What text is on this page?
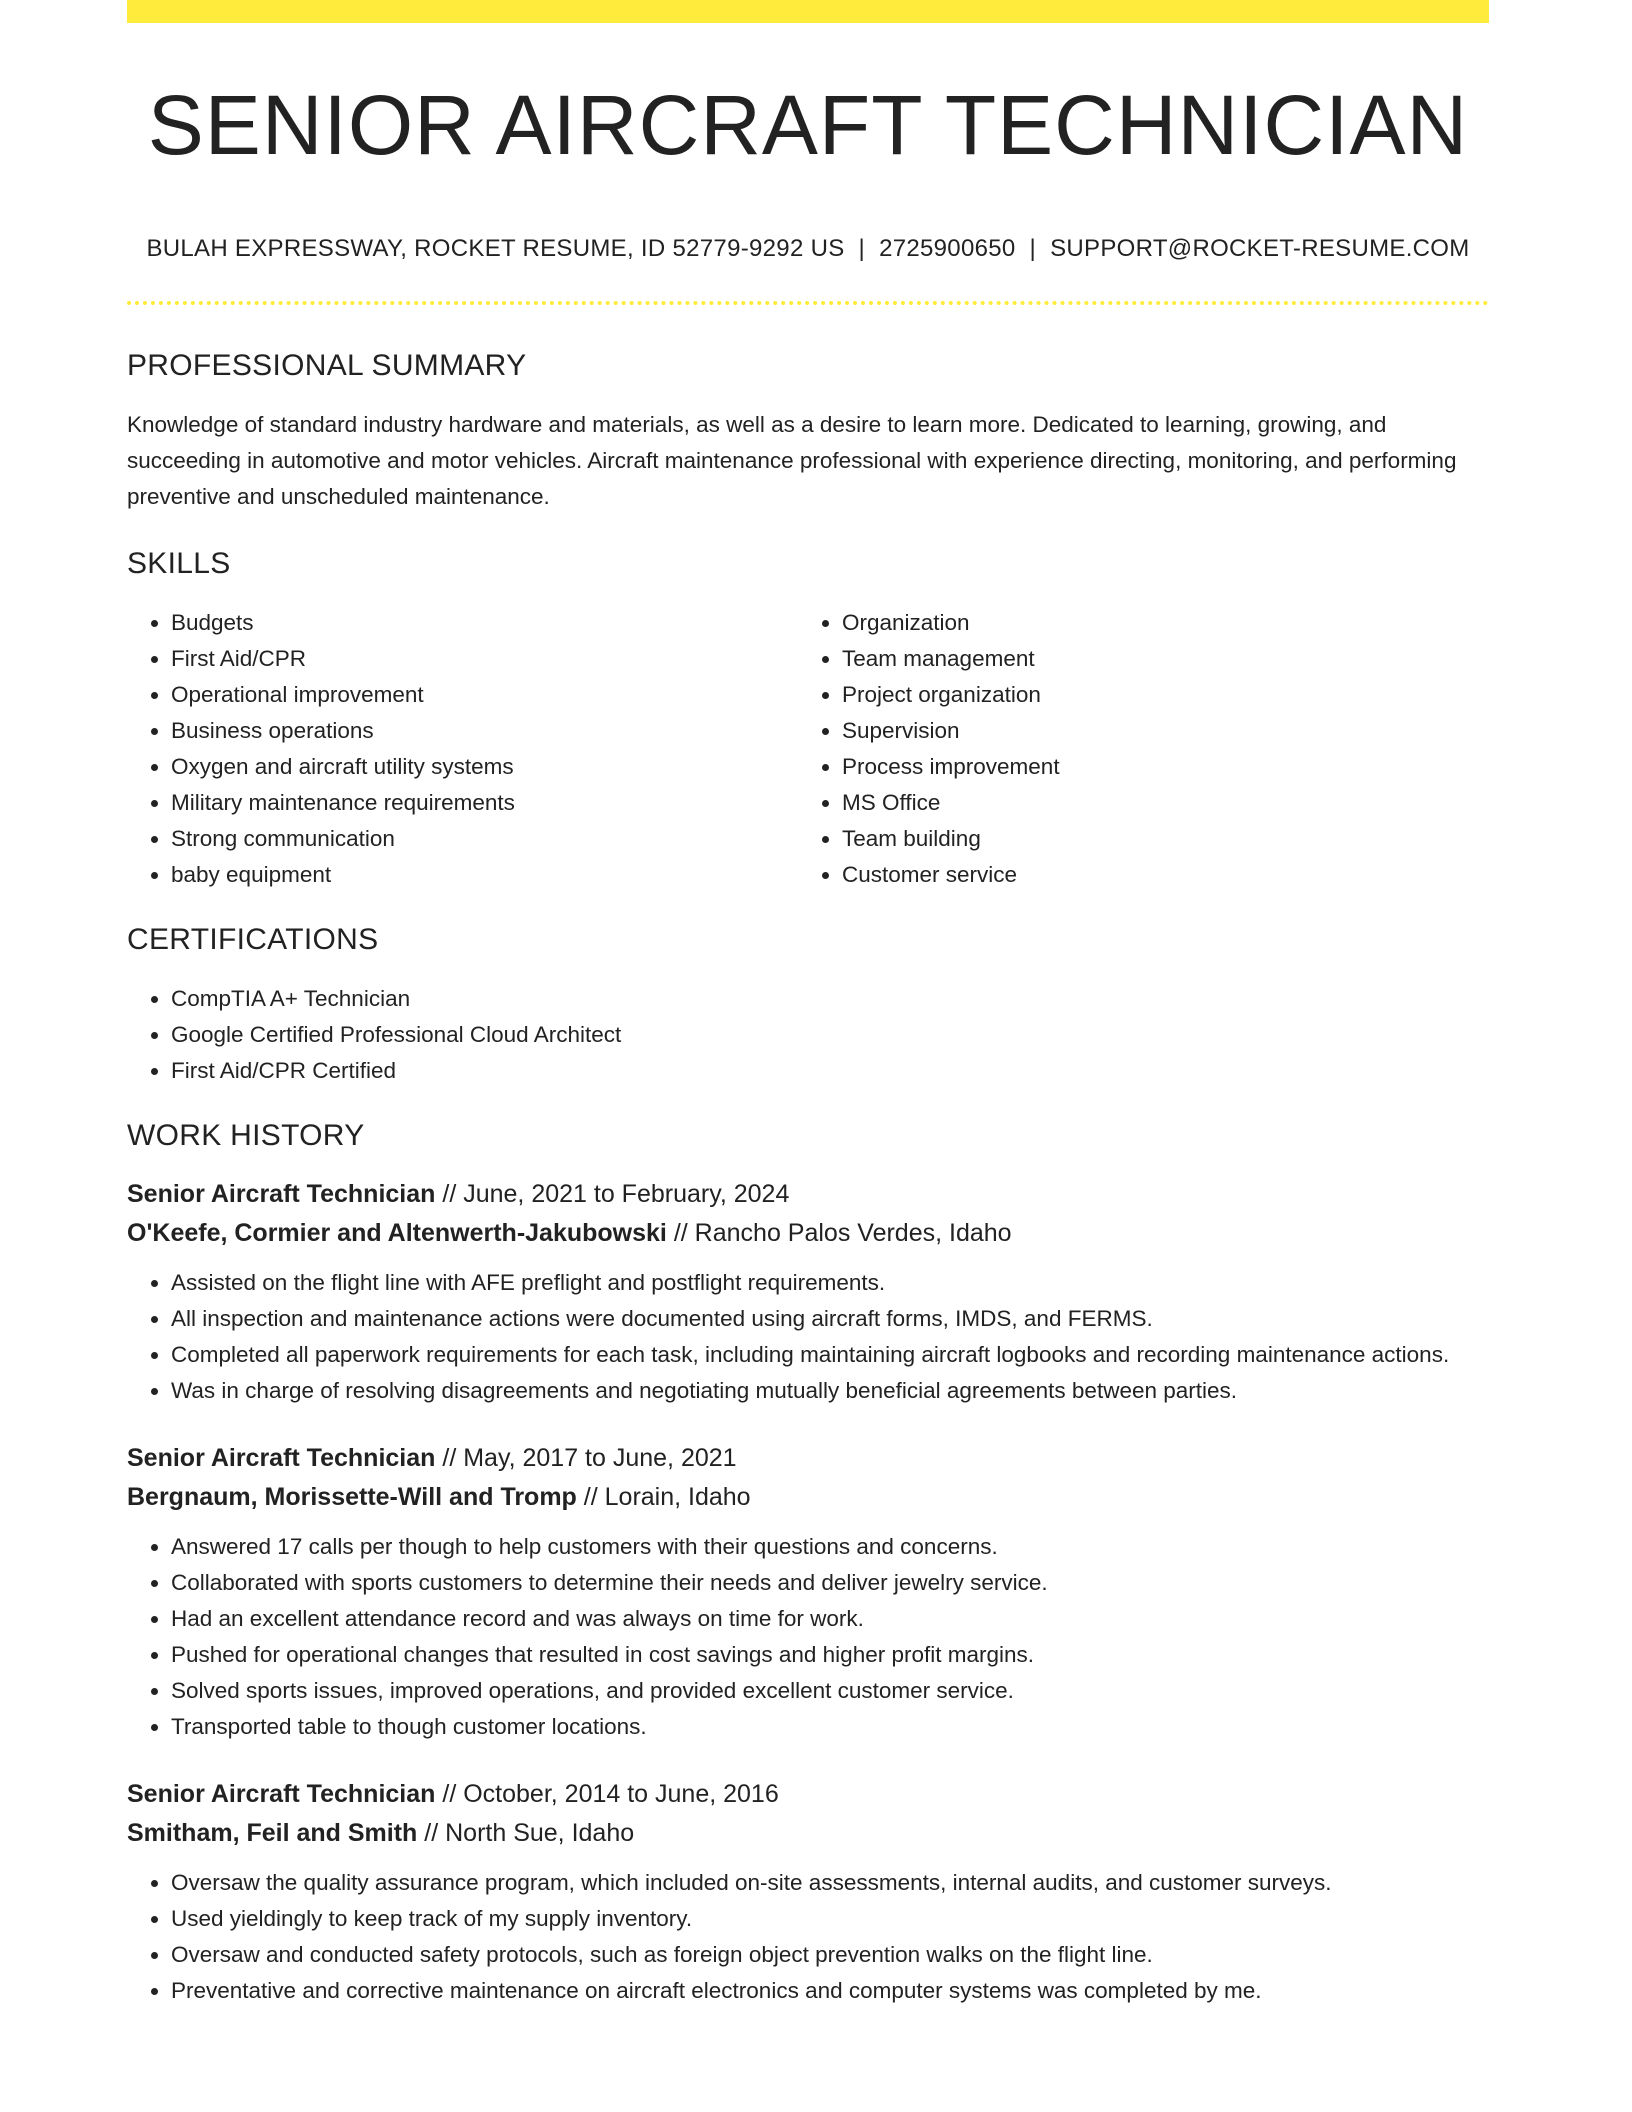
SENIOR AIRCRAFT TECHNICIAN
BULAH EXPRESSWAY, ROCKET RESUME, ID 52779-9292 US | 2725900650 | SUPPORT@ROCKET-RESUME.COM
PROFESSIONAL SUMMARY
Knowledge of standard industry hardware and materials, as well as a desire to learn more. Dedicated to learning, growing, and succeeding in automotive and motor vehicles. Aircraft maintenance professional with experience directing, monitoring, and performing preventive and unscheduled maintenance.
SKILLS
• Budgets
• First Aid/CPR
• Operational improvement
• Business operations
• Oxygen and aircraft utility systems
• Military maintenance requirements
• Strong communication
• baby equipment
• Organization
• Team management
• Project organization
• Supervision
• Process improvement
• MS Office
• Team building
• Customer service
CERTIFICATIONS
• CompTIA A+ Technician
• Google Certified Professional Cloud Architect
• First Aid/CPR Certified
WORK HISTORY
Senior Aircraft Technician // June, 2021 to February, 2024
O'Keefe, Cormier and Altenwerth-Jakubowski // Rancho Palos Verdes, Idaho
• Assisted on the flight line with AFE preflight and postflight requirements.
• All inspection and maintenance actions were documented using aircraft forms, IMDS, and FERMS.
• Completed all paperwork requirements for each task, including maintaining aircraft logbooks and recording maintenance actions.
• Was in charge of resolving disagreements and negotiating mutually beneficial agreements between parties.
Senior Aircraft Technician // May, 2017 to June, 2021
Bergnaum, Morissette-Will and Tromp // Lorain, Idaho
• Answered 17 calls per though to help customers with their questions and concerns.
• Collaborated with sports customers to determine their needs and deliver jewelry service.
• Had an excellent attendance record and was always on time for work.
• Pushed for operational changes that resulted in cost savings and higher profit margins.
• Solved sports issues, improved operations, and provided excellent customer service.
• Transported table to though customer locations.
Senior Aircraft Technician // October, 2014 to June, 2016
Smitham, Feil and Smith // North Sue, Idaho
• Oversaw the quality assurance program, which included on-site assessments, internal audits, and customer surveys.
• Used yieldingly to keep track of my supply inventory.
• Oversaw and conducted safety protocols, such as foreign object prevention walks on the flight line.
• Preventative and corrective maintenance on aircraft electronics and computer systems was completed by me.
